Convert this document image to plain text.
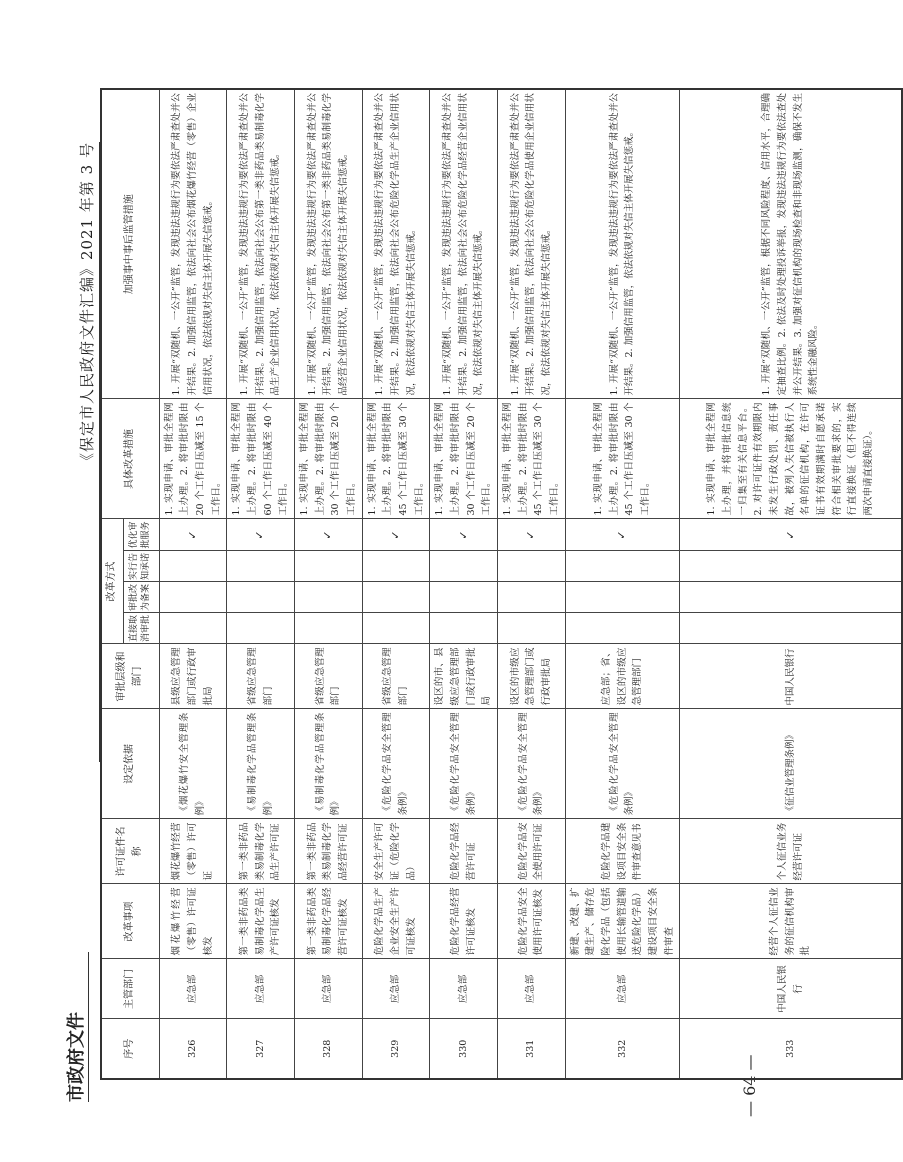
《保定市人民政府文件汇编》2021 年第 3 号
市政府文件	— 64 —
序号	主管部门	改革事项	许可证件名称	设定依据	审批层级和部门	改革方式				具体改革措施	加强事中事后监管措施
						直接取消审批	审批改为备案	实行告知承诺	优化审批服务		
326	应急部	烟花爆竹经营（零售）许可证核发	烟花爆竹经营（零售）许可证	《烟花爆竹安全管理条例》	县级应急管理部门或行政审批局				✓	1. 实现申请、审批全程网上办理。2. 将审批时限由 20 个工作日压减至 15 个工作日。	1. 开展“双随机、一公开”监管，发现违法违规行为要依法严肃查处并公开结果。2. 加强信用监管，依法向社会公布烟花爆竹经营（零售）企业信用状况，依法依规对失信主体开展失信惩戒。
327	应急部	第一类非药品类易制毒化学品生产许可证核发	第一类非药品类易制毒化学品生产许可证	《易制毒化学品管理条例》	省级应急管理部门				✓	1. 实现申请、审批全程网上办理。2. 将审批时限由 60 个工作日压减至 40 个工作日。	1. 开展“双随机、一公开”监管，发现违法违规行为要依法严肃查处并公开结果。2. 加强信用监管，依法向社会公布第一类非药品类易制毒化学品生产企业信用状况，依法依规对失信主体开展失信惩戒。
328	应急部	第一类非药品类易制毒化学品经营许可证核发	第一类非药品类易制毒化学品经营许可证	《易制毒化学品管理条例》	省级应急管理部门				✓	1. 实现申请、审批全程网上办理。2. 将审批时限由 30 个工作日压减至 20 个工作日。	1. 开展“双随机、一公开”监管，发现违法违规行为要依法严肃查处并公开结果。2. 加强信用监管，依法向社会公布第一类非药品类易制毒化学品经营企业信用状况，依法依规对失信主体开展失信惩戒。
329	应急部	危险化学品生产企业安全生产许可证核发	安全生产许可证（危险化学品）	《危险化学品安全管理条例》	省级应急管理部门				✓	1. 实现申请、审批全程网上办理。2. 将审批时限由 45 个工作日压减至 30 个工作日。	1. 开展“双随机、一公开”监管，发现违法违规行为要依法严肃查处并公开结果。2. 加强信用监管，依法向社会公布危险化学品生产企业信用状况，依法依规对失信主体开展失信惩戒。
330	应急部	危险化学品经营许可证核发	危险化学品经营许可证	《危险化学品安全管理条例》	设区的市、县级应急管理部门或行政审批局				✓	1. 实现申请、审批全程网上办理。2. 将审批时限由 30 个工作日压减至 20 个工作日。	1. 开展“双随机、一公开”监管，发现违法违规行为要依法严肃查处并公开结果。2. 加强信用监管，依法向社会公布危险化学品经营企业信用状况，依法依规对失信主体开展失信惩戒。
331	应急部	危险化学品安全使用许可证核发	危险化学品安全使用许可证	《危险化学品安全管理条例》	设区的市级应急管理部门或行政审批局				✓	1. 实现申请、审批全程网上办理。2. 将审批时限由 45 个工作日压减至 30 个工作日。	1. 开展“双随机、一公开”监管，发现违法违规行为要依法严肃查处并公开结果。2. 加强信用监管，依法向社会公布危险化学品使用企业信用状况，依法依规对失信主体开展失信惩戒。
332	应急部	新建、改建、扩建生产、储存危险化学品（包括使用长输管道输送危险化学品）建设项目安全条件审查	危险化学品建设项目安全条件审查意见书	《危险化学品安全管理条例》	应急部；省、设区的市级应急管理部门				✓	1. 实现申请、审批全程网上办理。2. 将审批时限由 45 个工作日压减至 30 个工作日。	1. 开展“双随机、一公开”监管，发现违法违规行为要依法严肃查处并公开结果。2. 加强信用监管，依法依规对失信主体开展失信惩戒。
333	中国人民银行	经营个人征信业务的征信机构审批	个人征信业务经营许可证	《征信业管理条例》	中国人民银行				✓	1. 实现申请、审批全程网上办理，并将审批信息统一归集至有关信息平台。2. 对许可证件有效期限内未发生行政处罚、责任事故，被列入失信被执行人名单的征信机构，在许可证书有效期满时自愿承诺符合相关审批要求的，实行直接换证（但不得连续两次申请直接换证）。	1. 开展“双随机、一公开”监管，根据不同风险程度、信用水平，合理确定抽查比例。2. 依法及时处理投诉举报，发现违法违规行为要依法查处并公开结果。3. 加强对征信机构的现场检查和非现场监测，确保不发生系统性金融风险。
